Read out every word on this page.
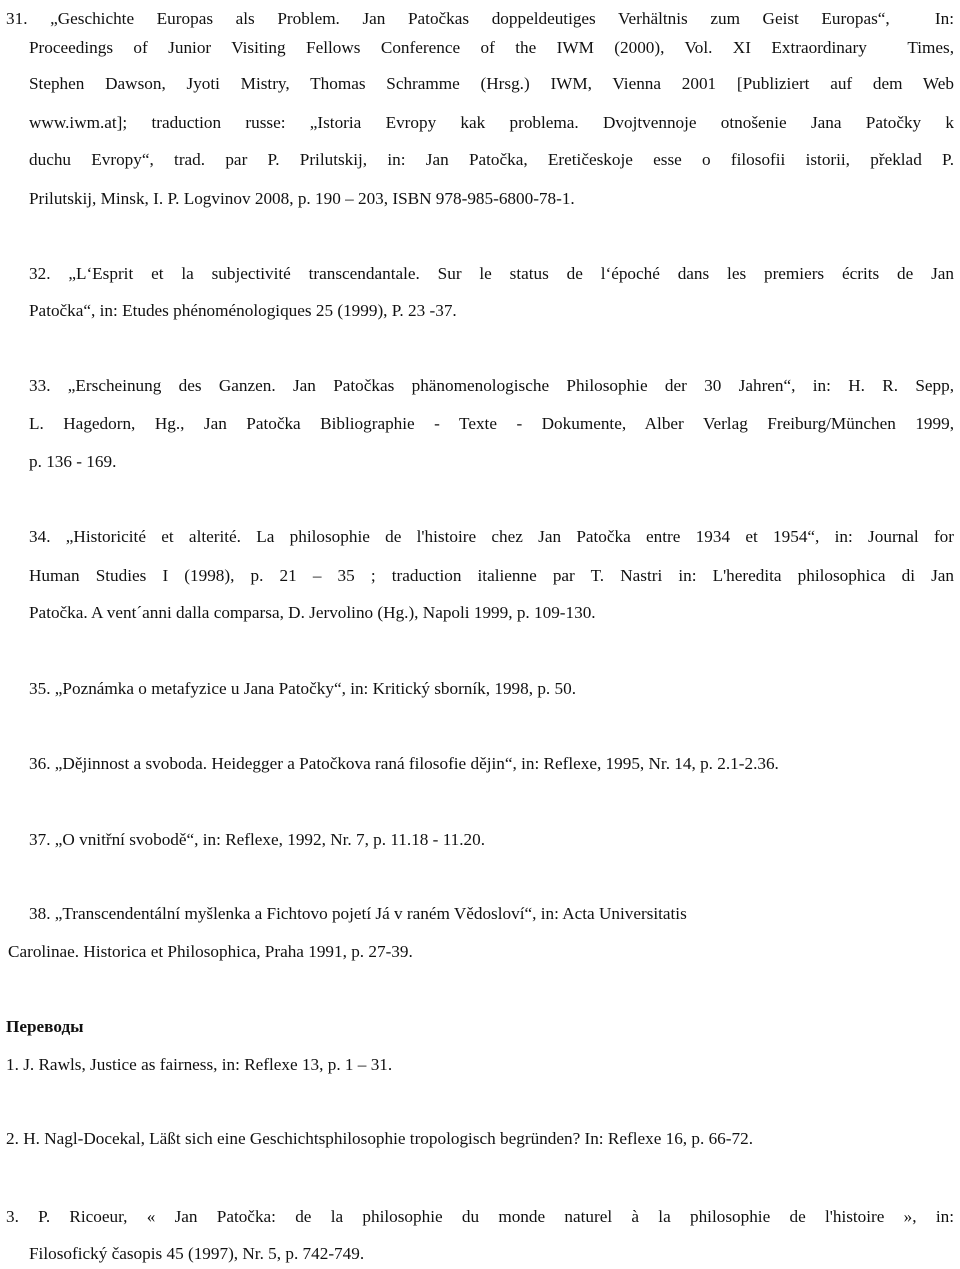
31. „Geschichte Europas als Problem. Jan Patočkas doppeldeutiges Verhältnis zum Geist Europas“,  In:
Proceedings of Junior Visiting Fellows Conference of the IWM (2000), Vol. XI Extraordinary  Times,
Stephen Dawson, Jyoti Mistry, Thomas Schramme (Hrsg.) IWM, Vienna 2001 [Publiziert auf dem Web
www.iwm.at]; traduction russe: „Istoria Evropy kak problema. Dvojtvennoje otnošenie Jana Patočky k
duchu Evropy“, trad. par P. Prilutskij, in: Jan Patočka, Eretičeskoje esse o filosofii istorii, překlad P.
Prilutskij, Minsk, I. P. Logvinov 2008, p. 190 – 203, ISBN 978-985-6800-78-1.
32. „L‘Esprit et la subjectivité transcendantale. Sur le status de l‘époché dans les premiers écrits de Jan
Patočka“, in: Etudes phénoménologiques 25 (1999), P. 23 -37.
33. „Erscheinung des Ganzen. Jan Patočkas phänomenologische Philosophie der 30 Jahren“, in: H. R. Sepp,
L. Hagedorn, Hg., Jan Patočka Bibliographie - Texte - Dokumente, Alber Verlag Freiburg/München 1999,
p. 136 - 169.
34. „Historicité et alterité. La philosophie de l'histoire chez Jan Patočka entre 1934 et 1954“, in: Journal for
Human Studies I (1998), p. 21 – 35 ; traduction italienne par T. Nastri in: L'heredita philosophica di Jan
Patočka. A vent´anni dalla comparsa, D. Jervolino (Hg.), Napoli 1999, p. 109-130.
35. „Poznámka o metafyzice u Jana Patočky“, in: Kritický sborník, 1998, p. 50.
36. „Dějinnost a svoboda. Heidegger a Patočkova raná filosofie dějin“, in: Reflexe, 1995, Nr. 14, p. 2.1-2.36.
37. „O vnitřní svobodě“, in: Reflexe, 1992, Nr. 7, p. 11.18 - 11.20.
38. „Transcendentální myšlenka a Fichtovo pojetí Já v raném Vědosloví“, in: Acta Universitatis
Carolinae. Historica et Philosophica, Praha 1991, p. 27-39.
Переводы
1. J. Rawls, Justice as fairness, in: Reflexe 13, p. 1 – 31.
2. H. Nagl-Docekal, Läßt sich eine Geschichtsphilosophie tropologisch begründen? In: Reflexe 16, p. 66-72.
3. P. Ricoeur, « Jan Patočka: de la philosophie du monde naturel à la philosophie de l'histoire », in:
Filosofický časopis 45 (1997), Nr. 5, p. 742-749.
